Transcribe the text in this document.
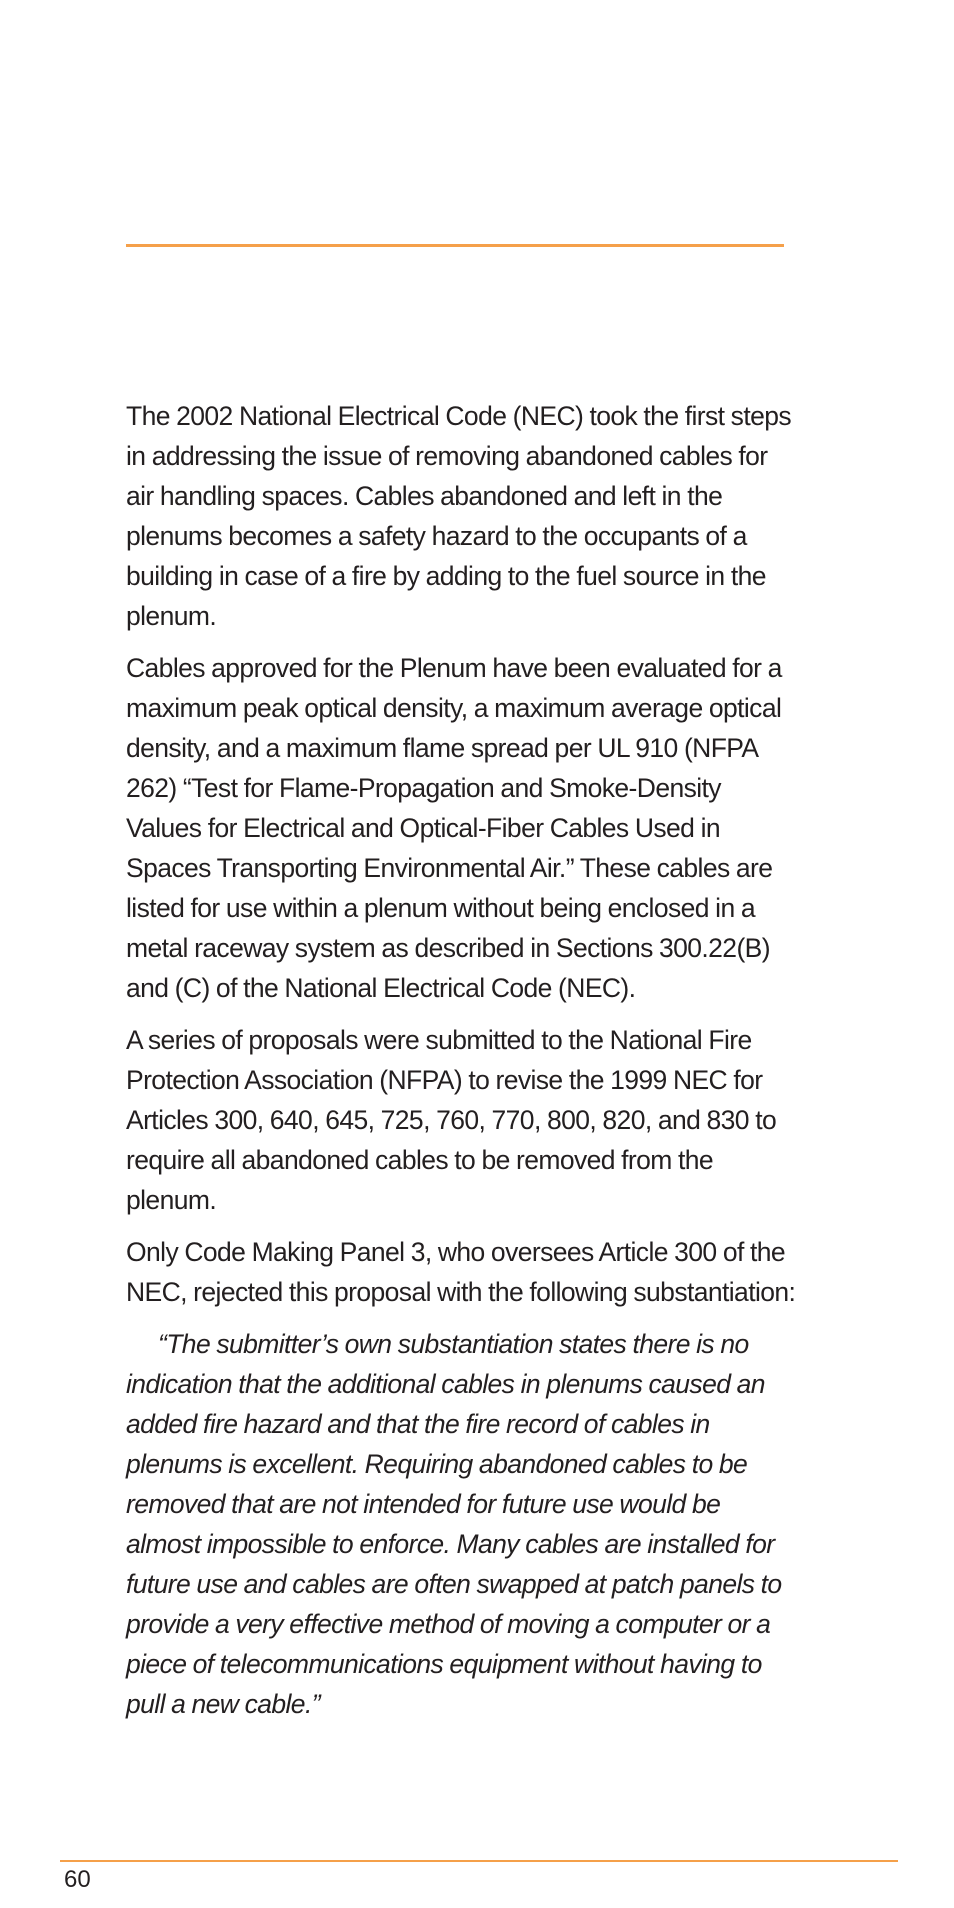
The 2002 National Electrical Code (NEC) took the first steps in addressing the issue of removing abandoned cables for air handling spaces. Cables abandoned and left in the plenums becomes a safety hazard to the occupants of a building in case of a fire by adding to the fuel source in the plenum.

Cables approved for the Plenum have been evaluated for a maximum peak optical density, a maximum average optical density, and a maximum flame spread per UL 910 (NFPA 262) “Test for Flame-Propagation and Smoke-Density Values for Electrical and Optical-Fiber Cables Used in Spaces Transporting Environmental Air.” These cables are listed for use within a plenum without being enclosed in a metal raceway system as described in Sections 300.22(B) and (C) of the National Electrical Code (NEC).

A series of proposals were submitted to the National Fire Protection Association (NFPA) to revise the 1999 NEC for Articles 300, 640, 645, 725, 760, 770, 800, 820, and 830 to require all abandoned cables to be removed from the plenum.

Only Code Making Panel 3, who oversees Article 300 of the NEC, rejected this proposal with the following substantiation:

“The submitter’s own substantiation states there is no indication that the additional cables in plenums caused an added fire hazard and that the fire record of cables in plenums is excellent. Requiring abandoned cables to be removed that are not intended for future use would be almost impossible to enforce. Many cables are installed for future use and cables are often swapped at patch panels to provide a very effective method of moving a computer or a piece of telecommunications equipment without having to pull a new cable.”

60
